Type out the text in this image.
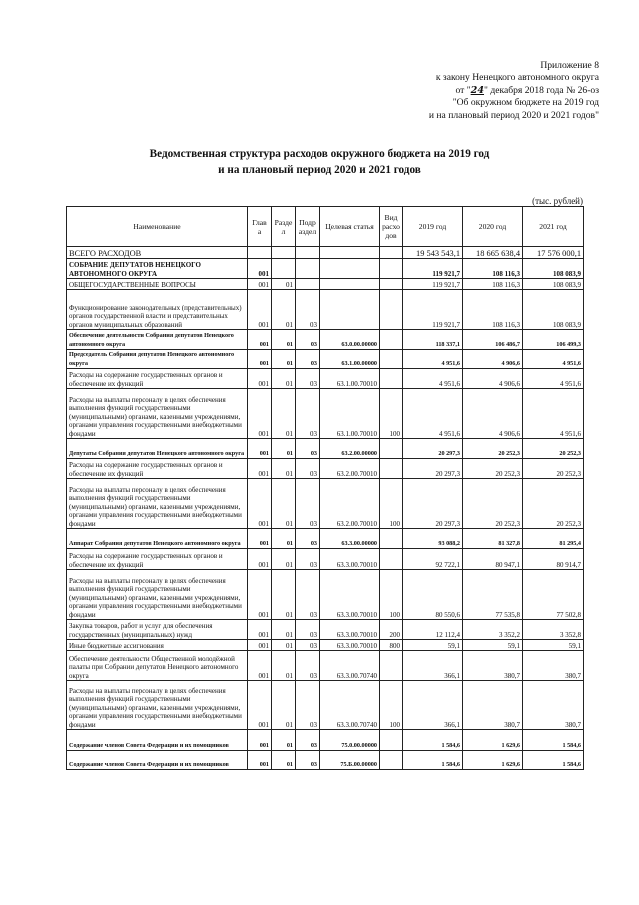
Приложение 8
к закону Ненецкого автономного округа
от "24" декабря 2018 года № 26-оз
"Об окружном бюджете на 2019 год
и на плановый период 2020 и 2021 годов"
Ведомственная структура расходов окружного бюджета на 2019 год
и на плановый период 2020 и 2021 годов
(тыс. рублей)
Наименование	Глав а	Разде л	Подр аздел	Целевая статья	Вид расхо дов	2019 год	2020 год	2021 год
ВСЕГО РАСХОДОВ						19 543 543,1	18 665 638,4	17 576 000,1
СОБРАНИЕ ДЕПУТАТОВ НЕНЕЦКОГО АВТОНОМНОГО ОКРУГА	001					119 921,7	108 116,3	108 083,9
ОБЩЕГОСУДАРСТВЕННЫЕ ВОПРОСЫ	001	01				119 921,7	108 116,3	108 083,9
Функционирование законодательных (представительных) органов государственной власти и представительных органов муниципальных образований	001	01	03			119 921,7	108 116,3	108 083,9
Обеспечение деятельности Собрания депутатов Ненецкого автономного округа	001	01	03	63.0.00.00000		118 337,1	106 486,7	106 499,3
Председатель Собрания депутатов Ненецкого автономного округа	001	01	03	63.1.00.00000		4 951,6	4 906,6	4 951,6
Расходы на содержание государственных органов и обеспечение их функций	001	01	03	63.1.00.70010		4 951,6	4 906,6	4 951,6
Расходы на выплаты персоналу в целях обеспечения выполнения функций государственными (муниципальными) органами, казенными учреждениями, органами управления государственными внебюджетными фондами	001	01	03	63.1.00.70010	100	4 951,6	4 906,6	4 951,6
Депутаты Собрания депутатов Ненецкого автономного округа	001	01	03	63.2.00.00000		20 297,3	20 252,3	20 252,3
Расходы на содержание государственных органов и обеспечение их функций	001	01	03	63.2.00.70010		20 297,3	20 252,3	20 252,3
Расходы на выплаты персоналу в целях обеспечения выполнения функций государственными (муниципальными) органами, казенными учреждениями, органами управления государственными внебюджетными фондами	001	01	03	63.2.00.70010	100	20 297,3	20 252,3	20 252,3
Аппарат Собрания депутатов Ненецкого автономного округа	001	01	03	63.3.00.00000		93 088,2	81 327,8	81 295,4
Расходы на содержание государственных органов и обеспечение их функций	001	01	03	63.3.00.70010		92 722,1	80 947,1	80 914,7
Расходы на выплаты персоналу в целях обеспечения выполнения функций государственными (муниципальными) органами, казенными учреждениями, органами управления государственными внебюджетными фондами	001	01	03	63.3.00.70010	100	80 550,6	77 535,8	77 502,8
Закупка товаров, работ и услуг для обеспечения государственных (муниципальных) нужд	001	01	03	63.3.00.70010	200	12 112,4	3 352,2	3 352,8
Иные бюджетные ассигнования	001	01	03	63.3.00.70010	800	59,1	59,1	59,1
Обеспечение деятельности Общественной молодёжной палаты при Собрании депутатов Ненецкого автономного округа	001	01	03	63.3.00.70740		366,1	380,7	380,7
Расходы на выплаты персоналу в целях обеспечения выполнения функций государственными (муниципальными) органами, казенными учреждениями, органами управления государственными внебюджетными фондами	001	01	03	63.3.00.70740	100	366,1	380,7	380,7
Содержание членов Совета Федерации и их помощников	001	01	03	75.0.00.00000		1 584,6	1 629,6	1 584,6
Содержание членов Совета Федерации и их помощников	001	01	03	75.Б.00.00000		1 584,6	1 629,6	1 584,6
